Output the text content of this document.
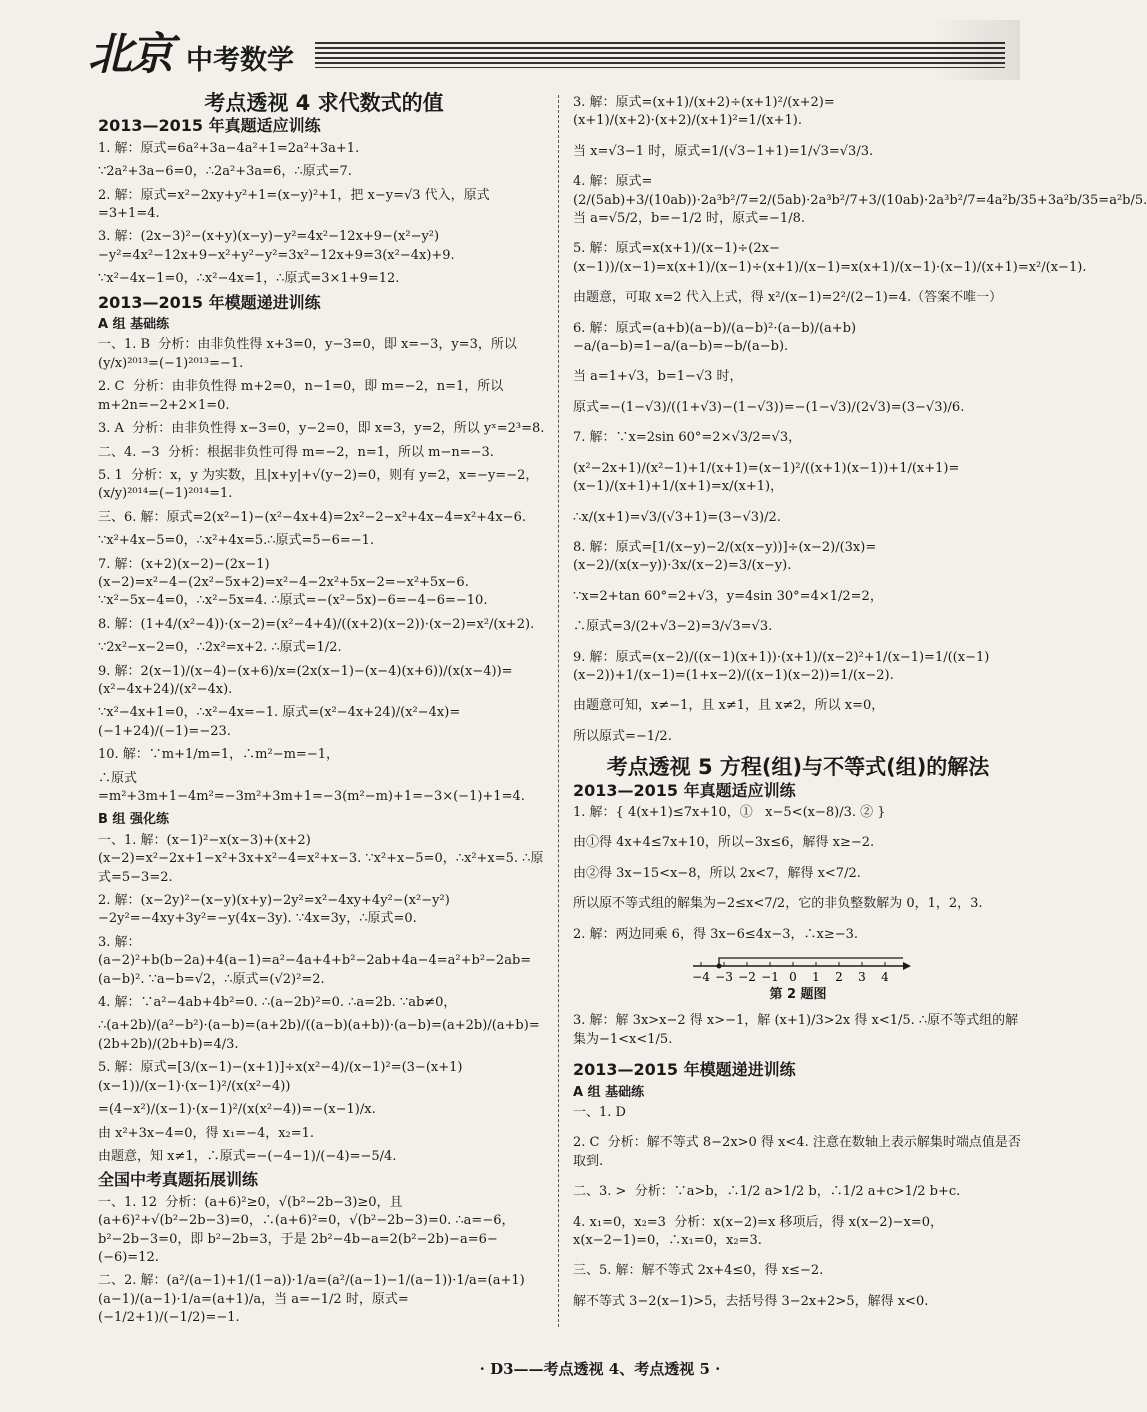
北京 中考数学
考点透视 4 求代数式的值
2013—2015 年真题适应训练
1. 解：原式=6a²+3a−4a²+1=2a²+3a+1.
∵2a²+3a−6=0，∴2a²+3a=6，∴原式=7.
2. 解：原式=x²−2xy+y²+1=(x−y)²+1，把 x−y=√3 代入，原式=3+1=4.
3. 解：(2x−3)²−(x+y)(x−y)−y²=4x²−12x+9−(x²−y²)−y²=4x²−12x+9−x²+y²−y²=3x²−12x+9=3(x²−4x)+9.
∵x²−4x−1=0，∴x²−4x=1，∴原式=3×1+9=12.
2013—2015 年模题递进训练
A 组 基础练
一、1. B  分析：由非负性得 x+3=0，y−3=0，即 x=−3，y=3，所以 (y/x)²⁰¹³=(−1)²⁰¹³=−1.
2. C  分析：由非负性得 m+2=0，n−1=0，即 m=−2，n=1，所以 m+2n=−2+2×1=0.
3. A  分析：由非负性得 x−3=0，y−2=0，即 x=3，y=2，所以 yˣ=2³=8.
二、4. −3  分析：根据非负性可得 m=−2，n=1，所以 m−n=−3.
5. 1  分析：x，y 为实数，且|x+y|+√(y−2)=0，则有 y=2，x=−y=−2，(x/y)²⁰¹⁴=(−1)²⁰¹⁴=1.
三、6. 解：原式=2(x²−1)−(x²−4x+4)=2x²−2−x²+4x−4=x²+4x−6.
∵x²+4x−5=0，∴x²+4x=5.∴原式=5−6=−1.
7. 解：(x+2)(x−2)−(2x−1)(x−2)=x²−4−(2x²−5x+2)=x²−4−2x²+5x−2=−x²+5x−6. ∵x²−5x−4=0，∴x²−5x=4. ∴原式=−(x²−5x)−6=−4−6=−10.
8. 解：(1+4/(x²−4))·(x−2)=(x²−4+4)/((x+2)(x−2))·(x−2)=x²/(x+2).
∵2x²−x−2=0，∴2x²=x+2. ∴原式=1/2.
9. 解：2(x−1)/(x−4)−(x+6)/x=(2x(x−1)−(x−4)(x+6))/(x(x−4))=(x²−4x+24)/(x²−4x).
∵x²−4x+1=0，∴x²−4x=−1. 原式=(x²−4x+24)/(x²−4x)=(−1+24)/(−1)=−23.
10. 解：∵m+1/m=1，∴m²−m=−1，
∴原式=m²+3m+1−4m²=−3m²+3m+1=−3(m²−m)+1=−3×(−1)+1=4.
B 组 强化练
一、1. 解：(x−1)²−x(x−3)+(x+2)(x−2)=x²−2x+1−x²+3x+x²−4=x²+x−3. ∵x²+x−5=0，∴x²+x=5. ∴原式=5−3=2.
2. 解：(x−2y)²−(x−y)(x+y)−2y²=x²−4xy+4y²−(x²−y²)−2y²=−4xy+3y²=−y(4x−3y). ∵4x=3y，∴原式=0.
3. 解：(a−2)²+b(b−2a)+4(a−1)=a²−4a+4+b²−2ab+4a−4=a²+b²−2ab=(a−b)². ∵a−b=√2，∴原式=(√2)²=2.
4. 解：∵a²−4ab+4b²=0. ∴(a−2b)²=0. ∴a=2b. ∵ab≠0，
∴(a+2b)/(a²−b²)·(a−b)=(a+2b)/((a−b)(a+b))·(a−b)=(a+2b)/(a+b)=(2b+2b)/(2b+b)=4/3.
5. 解：原式=[3/(x−1)−(x+1)]÷x(x²−4)/(x−1)²=(3−(x+1)(x−1))/(x−1)·(x−1)²/(x(x²−4))
=(4−x²)/(x−1)·(x−1)²/(x(x²−4))=−(x−1)/x.
由 x²+3x−4=0，得 x₁=−4，x₂=1.
由题意，知 x≠1，∴原式=−(−4−1)/(−4)=−5/4.
全国中考真题拓展训练
一、1. 12  分析：(a+6)²≥0，√(b²−2b−3)≥0，且(a+6)²+√(b²−2b−3)=0，∴(a+6)²=0，√(b²−2b−3)=0. ∴a=−6，b²−2b−3=0，即 b²−2b=3，于是 2b²−4b−a=2(b²−2b)−a=6−(−6)=12.
二、2. 解：(a²/(a−1)+1/(1−a))·1/a=(a²/(a−1)−1/(a−1))·1/a=(a+1)(a−1)/(a−1)·1/a=(a+1)/a，当 a=−1/2 时，原式=(−1/2+1)/(−1/2)=−1.
3. 解：原式=(x+1)/(x+2)÷(x+1)²/(x+2)=(x+1)/(x+2)·(x+2)/(x+1)²=1/(x+1).
当 x=√3−1 时，原式=1/(√3−1+1)=1/√3=√3/3.
4. 解：原式=(2/(5ab)+3/(10ab))·2a³b²/7=2/(5ab)·2a³b²/7+3/(10ab)·2a³b²/7=4a²b/35+3a²b/35=a²b/5. 当 a=√5/2，b=−1/2 时，原式=−1/8.
5. 解：原式=x(x+1)/(x−1)÷(2x−(x−1))/(x−1)=x(x+1)/(x−1)÷(x+1)/(x−1)=x(x+1)/(x−1)·(x−1)/(x+1)=x²/(x−1).
由题意，可取 x=2 代入上式，得 x²/(x−1)=2²/(2−1)=4.（答案不唯一）
6. 解：原式=(a+b)(a−b)/(a−b)²·(a−b)/(a+b)−a/(a−b)=1−a/(a−b)=−b/(a−b).
当 a=1+√3，b=1−√3 时，
原式=−(1−√3)/((1+√3)−(1−√3))=−(1−√3)/(2√3)=(3−√3)/6.
7. 解：∵x=2sin 60°=2×√3/2=√3，
(x²−2x+1)/(x²−1)+1/(x+1)=(x−1)²/((x+1)(x−1))+1/(x+1)=(x−1)/(x+1)+1/(x+1)=x/(x+1)，
∴x/(x+1)=√3/(√3+1)=(3−√3)/2.
8. 解：原式=[1/(x−y)−2/(x(x−y))]÷(x−2)/(3x)=(x−2)/(x(x−y))·3x/(x−2)=3/(x−y).
∵x=2+tan 60°=2+√3，y=4sin 30°=4×1/2=2，
∴原式=3/(2+√3−2)=3/√3=√3.
9. 解：原式=(x−2)/((x−1)(x+1))·(x+1)/(x−2)²+1/(x−1)=1/((x−1)(x−2))+1/(x−1)=(1+x−2)/((x−1)(x−2))=1/(x−2).
由题意可知，x≠−1，且 x≠1，且 x≠2，所以 x=0，
所以原式=−1/2.
考点透视 5 方程(组)与不等式(组)的解法
2013—2015 年真题适应训练
1. 解：{ 4(x+1)≤7x+10，①   x−5<(x−8)/3. ② }
由①得 4x+4≤7x+10，所以−3x≤6，解得 x≥−2.
由②得 3x−15<x−8，所以 2x<7，解得 x<7/2.
所以原不等式组的解集为−2≤x<7/2，它的非负整数解为 0，1，2，3.
2. 解：两边同乘 6，得 3x−6≤4x−3，∴x≥−3.
−4 −3 −2 −1 0 1 2 3 4
第 2 题图
3. 解：解 3x>x−2 得 x>−1，解 (x+1)/3>2x 得 x<1/5. ∴原不等式组的解集为−1<x<1/5.
2013—2015 年模题递进训练
A 组 基础练
一、1. D
2. C  分析：解不等式 8−2x>0 得 x<4. 注意在数轴上表示解集时端点值是否取到.
二、3. >  分析：∵a>b，∴1/2 a>1/2 b，∴1/2 a+c>1/2 b+c.
4. x₁=0，x₂=3  分析：x(x−2)=x 移项后，得 x(x−2)−x=0，x(x−2−1)=0，∴x₁=0，x₂=3.
三、5. 解：解不等式 2x+4≤0，得 x≤−2.
解不等式 3−2(x−1)>5，去括号得 3−2x+2>5，解得 x<0.
· D3——考点透视 4、考点透视 5 ·
